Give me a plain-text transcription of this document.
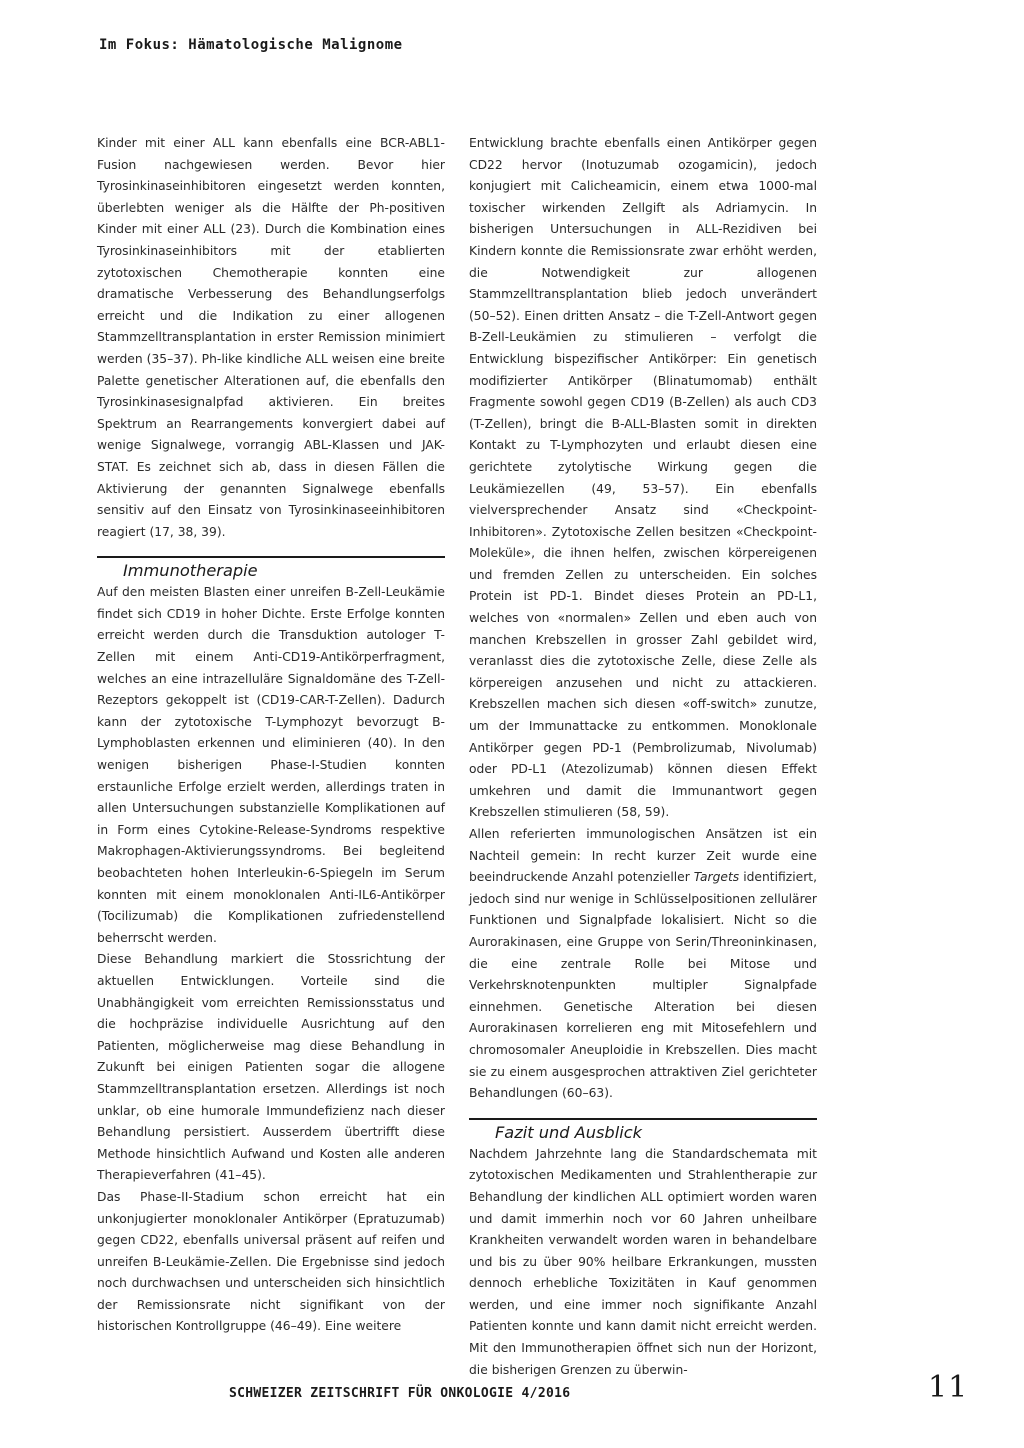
Im Fokus: Hämatologische Malignome

Kinder mit einer ALL kann ebenfalls eine BCR-ABL1-Fusion nachgewiesen werden. Bevor hier Tyrosinkinaseinhibitoren eingesetzt werden konnten, überlebten weniger als die Hälfte der Ph-positiven Kinder mit einer ALL (23). Durch die Kombination eines Tyrosinkinaseinhibitors mit der etablierten zytotoxischen Chemotherapie konnten eine dramatische Verbesserung des Behandlungserfolgs erreicht und die Indikation zu einer allogenen Stammzelltransplantation in erster Remission minimiert werden (35–37). Ph-like kindliche ALL weisen eine breite Palette genetischer Alterationen auf, die ebenfalls den Tyrosinkinasesignalpfad aktivieren. Ein breites Spektrum an Rearrangements konvergiert dabei auf wenige Signalwege, vorrangig ABL-Klassen und JAK-STAT. Es zeichnet sich ab, dass in diesen Fällen die Aktivierung der genannten Signalwege ebenfalls sensitiv auf den Einsatz von Tyrosinkinaseeinhibitoren reagiert (17, 38, 39).

Immunotherapie

Auf den meisten Blasten einer unreifen B-Zell-Leukämie findet sich CD19 in hoher Dichte. Erste Erfolge konnten erreicht werden durch die Transduktion autologer T-Zellen mit einem Anti-CD19-Antikörperfragment, welches an eine intrazelluläre Signaldomäne des T-Zell-Rezeptors gekoppelt ist (CD19-CAR-T-Zellen). Dadurch kann der zytotoxische T-Lymphozyt bevorzugt B-Lymphoblasten erkennen und eliminieren (40). In den wenigen bisherigen Phase-I-Studien konnten erstaunliche Erfolge erzielt werden, allerdings traten in allen Untersuchungen substanzielle Komplikationen auf in Form eines Cytokine-Release-Syndroms respektive Makrophagen-Aktivierungssyndroms. Bei begleitend beobachteten hohen Interleukin-6-Spiegeln im Serum konnten mit einem monoklonalen Anti-IL6-Antikörper (Tocilizumab) die Komplikationen zufriedenstellend beherrscht werden.

Diese Behandlung markiert die Stossrichtung der aktuellen Entwicklungen. Vorteile sind die Unabhängigkeit vom erreichten Remissionsstatus und die hochpräzise individuelle Ausrichtung auf den Patienten, möglicherweise mag diese Behandlung in Zukunft bei einigen Patienten sogar die allogene Stammzelltransplantation ersetzen. Allerdings ist noch unklar, ob eine humorale Immundefizienz nach dieser Behandlung persistiert. Ausserdem übertrifft diese Methode hinsichtlich Aufwand und Kosten alle anderen Therapieverfahren (41–45).

Das Phase-II-Stadium schon erreicht hat ein unkonjugierter monoklonaler Antikörper (Epratuzumab) gegen CD22, ebenfalls universal präsent auf reifen und unreifen B-Leukämie-Zellen. Die Ergebnisse sind jedoch noch durchwachsen und unterscheiden sich hinsichtlich der Remissionsrate nicht signifikant von der historischen Kontrollgruppe (46–49). Eine weitere

Entwicklung brachte ebenfalls einen Antikörper gegen CD22 hervor (Inotuzumab ozogamicin), jedoch konjugiert mit Calicheamicin, einem etwa 1000-mal toxischer wirkenden Zellgift als Adriamycin. In bisherigen Untersuchungen in ALL-Rezidiven bei Kindern konnte die Remissionsrate zwar erhöht werden, die Notwendigkeit zur allogenen Stammzelltransplantation blieb jedoch unverändert (50–52). Einen dritten Ansatz – die T-Zell-Antwort gegen B-Zell-Leukämien zu stimulieren – verfolgt die Entwicklung bispezifischer Antikörper: Ein genetisch modifizierter Antikörper (Blinatumomab) enthält Fragmente sowohl gegen CD19 (B-Zellen) als auch CD3 (T-Zellen), bringt die B-ALL-Blasten somit in direkten Kontakt zu T-Lymphozyten und erlaubt diesen eine gerichtete zytolytische Wirkung gegen die Leukämiezellen (49, 53–57). Ein ebenfalls vielversprechender Ansatz sind «Checkpoint-Inhibitoren». Zytotoxische Zellen besitzen «Checkpoint-Moleküle», die ihnen helfen, zwischen körpereigenen und fremden Zellen zu unterscheiden. Ein solches Protein ist PD-1. Bindet dieses Protein an PD-L1, welches von «normalen» Zellen und eben auch von manchen Krebszellen in grosser Zahl gebildet wird, veranlasst dies die zytotoxische Zelle, diese Zelle als körpereigen anzusehen und nicht zu attackieren. Krebszellen machen sich diesen «off-switch» zunutze, um der Immunattacke zu entkommen. Monoklonale Antikörper gegen PD-1 (Pembrolizumab, Nivolumab) oder PD-L1 (Atezolizumab) können diesen Effekt umkehren und damit die Immunantwort gegen Krebszellen stimulieren (58, 59).

Allen referierten immunologischen Ansätzen ist ein Nachteil gemein: In recht kurzer Zeit wurde eine beeindruckende Anzahl potenzieller Targets identifiziert, jedoch sind nur wenige in Schlüsselpositionen zellulärer Funktionen und Signalpfade lokalisiert. Nicht so die Aurorakinasen, eine Gruppe von Serin/Threoninkinasen, die eine zentrale Rolle bei Mitose und Verkehrsknotenpunkten multipler Signalpfade einnehmen. Genetische Alteration bei diesen Aurorakinasen korrelieren eng mit Mitosefehlern und chromosomaler Aneuploidie in Krebszellen. Dies macht sie zu einem ausgesprochen attraktiven Ziel gerichteter Behandlungen (60–63).

Fazit und Ausblick

Nachdem Jahrzehnte lang die Standardschemata mit zytotoxischen Medikamenten und Strahlentherapie zur Behandlung der kindlichen ALL optimiert worden waren und damit immerhin noch vor 60 Jahren unheilbare Krankheiten verwandelt worden waren in behandelbare und bis zu über 90% heilbare Erkrankungen, mussten dennoch erhebliche Toxizitäten in Kauf genommen werden, und eine immer noch signifikante Anzahl Patienten konnte und kann damit nicht erreicht werden. Mit den Immunotherapien öffnet sich nun der Horizont, die bisherigen Grenzen zu überwin-

SCHWEIZER ZEITSCHRIFT FÜR ONKOLOGIE 4/2016	11
